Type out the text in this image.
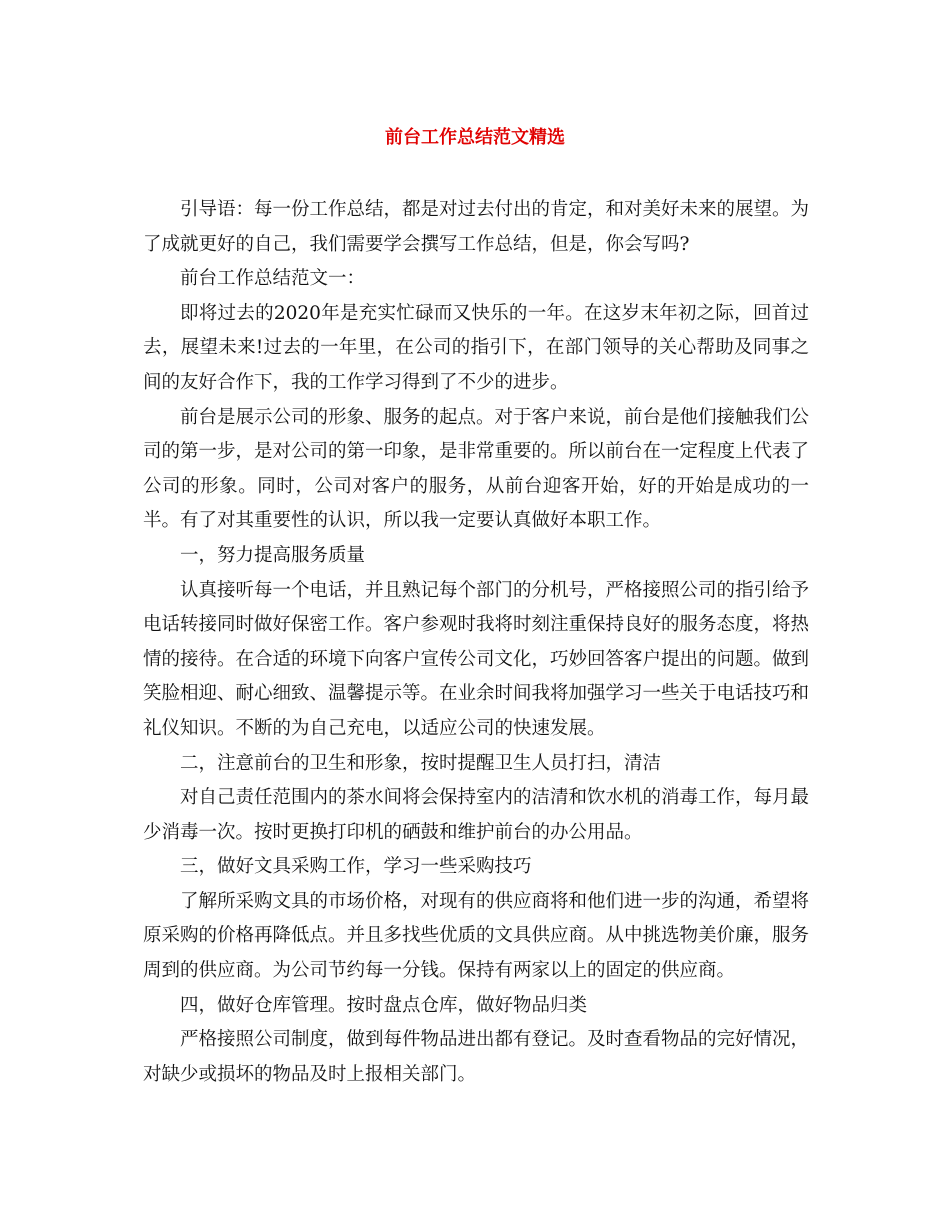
前台工作总结范文精选

引导语：每一份工作总结，都是对过去付出的肯定，和对美好未来的展望。为了成就更好的自己，我们需要学会撰写工作总结，但是，你会写吗?

前台工作总结范文一：

即将过去的2020年是充实忙碌而又快乐的一年。在这岁末年初之际，回首过去，展望未来!过去的一年里，在公司的指引下，在部门领导的关心帮助及同事之间的友好合作下，我的工作学习得到了不少的进步。

前台是展示公司的形象、服务的起点。对于客户来说，前台是他们接触我们公司的第一步，是对公司的第一印象，是非常重要的。所以前台在一定程度上代表了公司的形象。同时，公司对客户的服务，从前台迎客开始，好的开始是成功的一半。有了对其重要性的认识，所以我一定要认真做好本职工作。

一，努力提高服务质量

认真接听每一个电话，并且熟记每个部门的分机号，严格接照公司的指引给予电话转接同时做好保密工作。客户参观时我将时刻注重保持良好的服务态度，将热情的接待。在合适的环境下向客户宣传公司文化，巧妙回答客户提出的问题。做到笑脸相迎、耐心细致、温馨提示等。在业余时间我将加强学习一些关于电话技巧和礼仪知识。不断的为自己充电，以适应公司的快速发展。

二，注意前台的卫生和形象，按时提醒卫生人员打扫，清洁

对自己责任范围内的茶水间将会保持室内的洁清和饮水机的消毒工作，每月最少消毒一次。按时更换打印机的硒鼓和维护前台的办公用品。

三，做好文具采购工作，学习一些采购技巧

了解所采购文具的市场价格，对现有的供应商将和他们进一步的沟通，希望将原采购的价格再降低点。并且多找些优质的文具供应商。从中挑选物美价廉，服务周到的供应商。为公司节约每一分钱。保持有两家以上的固定的供应商。

四，做好仓库管理。按时盘点仓库，做好物品归类

严格接照公司制度，做到每件物品进出都有登记。及时查看物品的完好情况，对缺少或损坏的物品及时上报相关部门。
